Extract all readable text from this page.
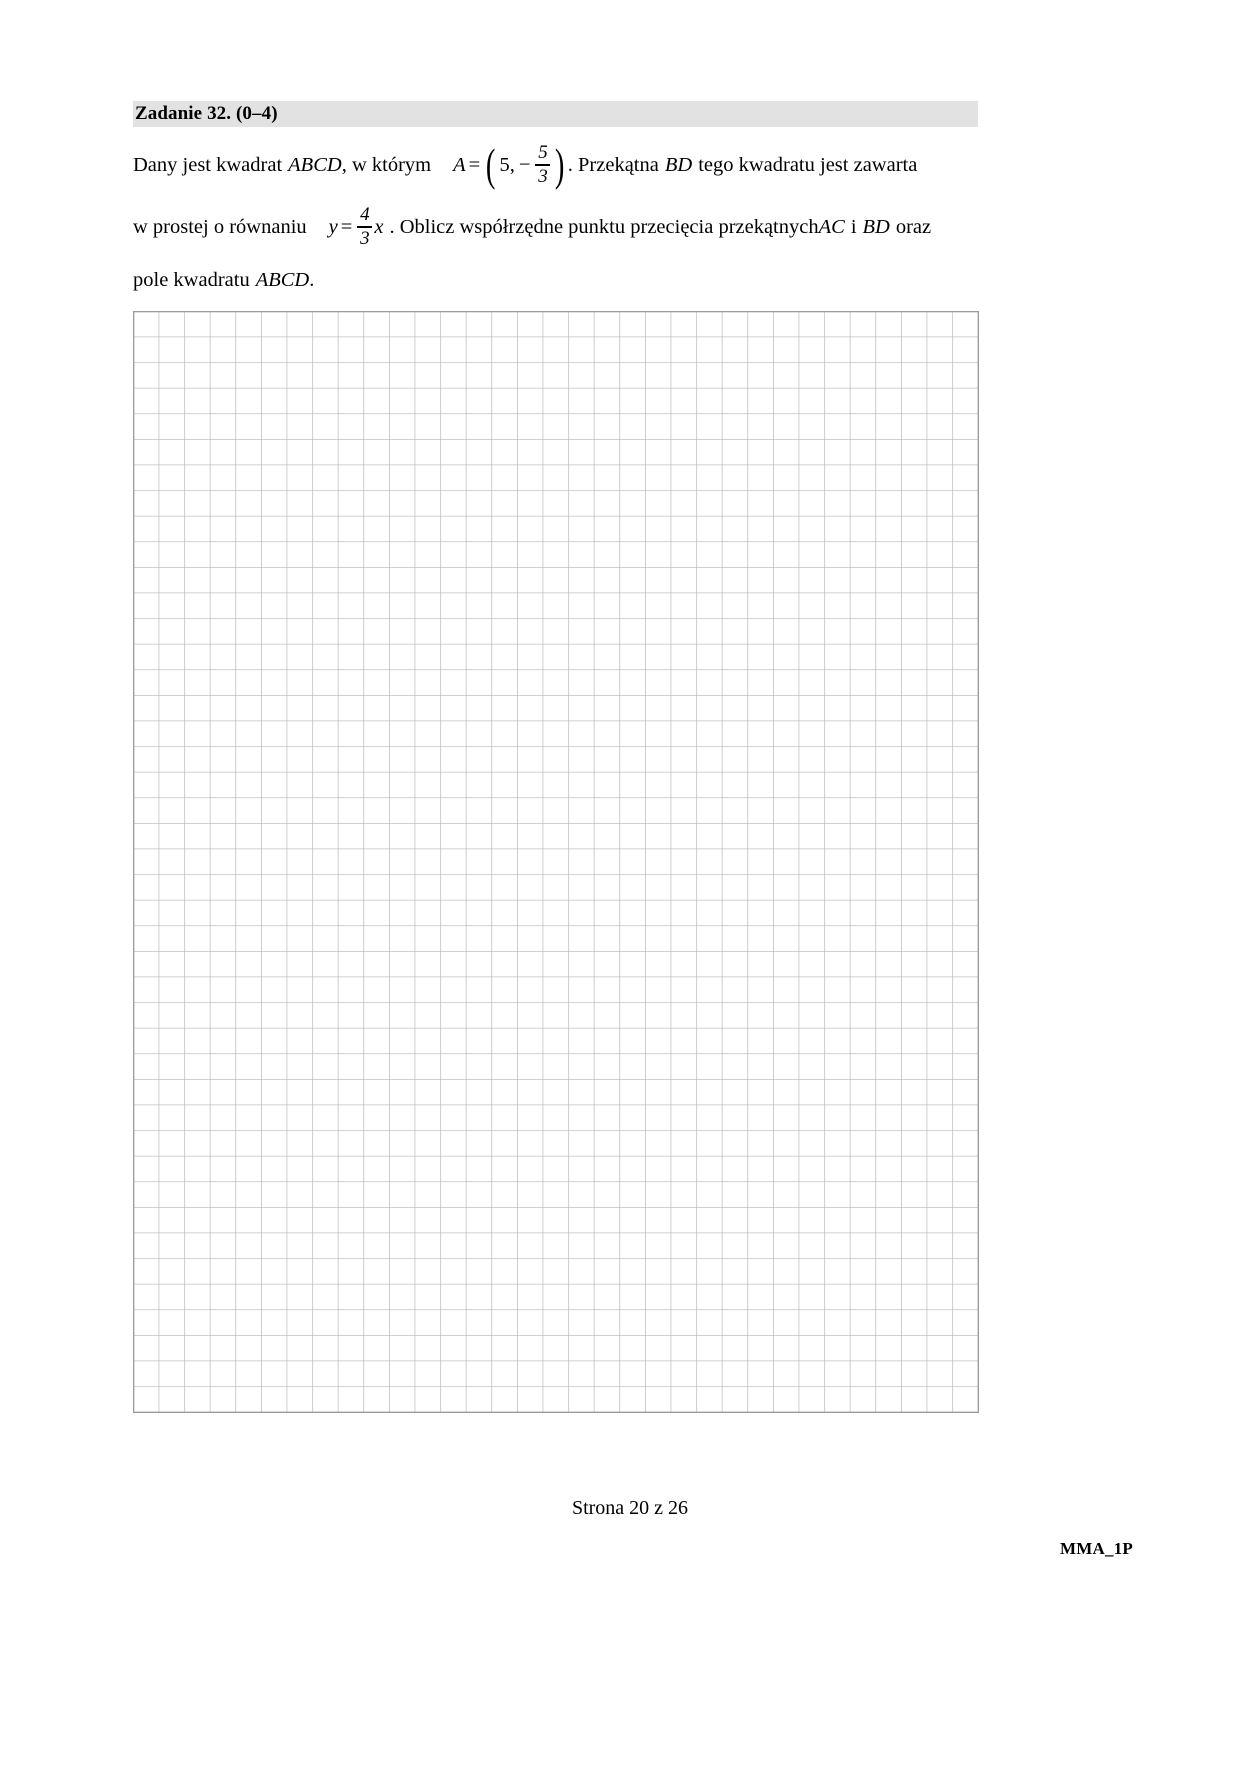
Zadanie 32. (0–4)
Dany jest kwadrat ABCD , w którym A = ( 5, − $\frac{5}{3}$ ) . Przekątna BD tego kwadratu jest zawarta
w prostej o równaniu $y = \frac{4}{3}$ x . Oblicz współrzędne punktu przecięcia przekątnych AC i BD oraz
pole kwadratu ABCD .
Strona 20 z 26
MMA_1P
